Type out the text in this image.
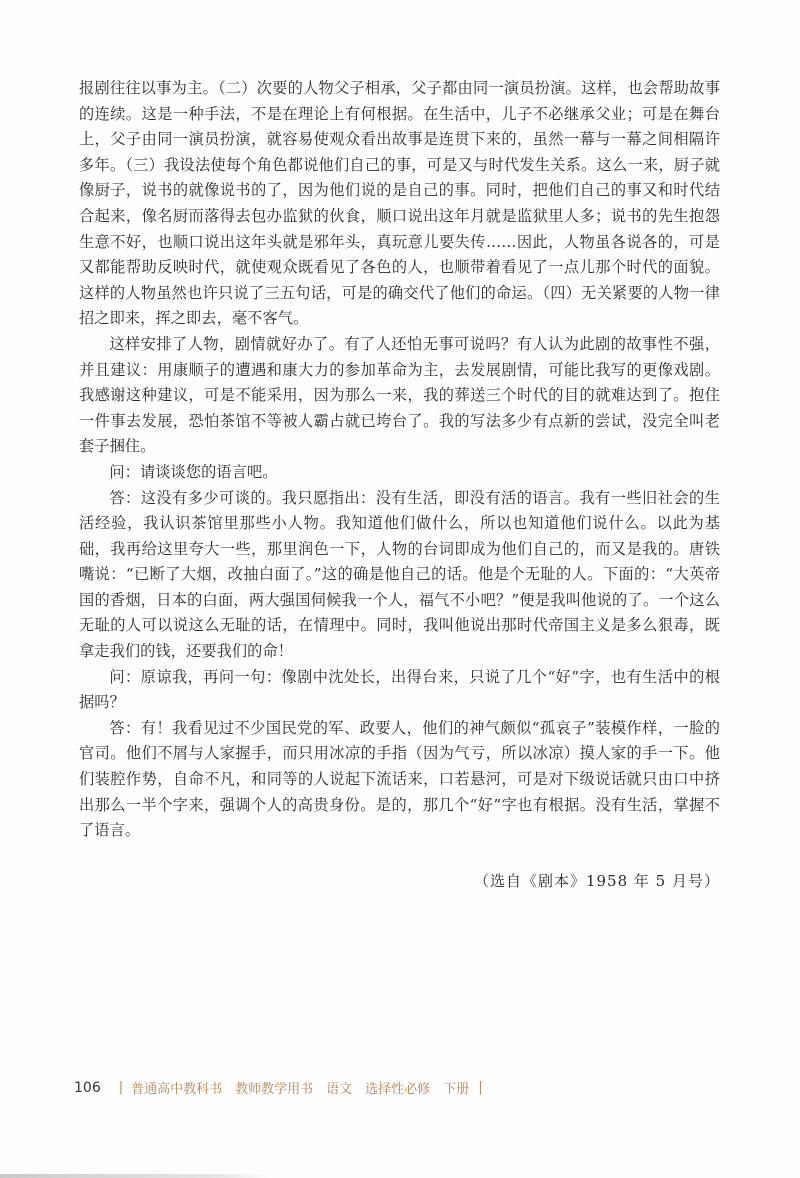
报剧往往以事为主。（二）次要的人物父子相承，父子都由同一演员扮演。这样，也会帮助故事的连续。这是一种手法，不是在理论上有何根据。在生活中，儿子不必继承父业；可是在舞台上，父子由同一演员扮演，就容易使观众看出故事是连贯下来的，虽然一幕与一幕之间相隔许多年。（三）我设法使每个角色都说他们自己的事，可是又与时代发生关系。这么一来，厨子就像厨子，说书的就像说书的了，因为他们说的是自己的事。同时，把他们自己的事又和时代结合起来，像名厨而落得去包办监狱的伙食，顺口说出这年月就是监狱里人多；说书的先生抱怨生意不好，也顺口说出这年头就是邪年头，真玩意儿要失传……因此，人物虽各说各的，可是又都能帮助反映时代，就使观众既看见了各色的人，也顺带着看见了一点儿那个时代的面貌。这样的人物虽然也许只说了三五句话，可是的确交代了他们的命运。（四）无关紧要的人物一律招之即来，挥之即去，毫不客气。

这样安排了人物，剧情就好办了。有了人还怕无事可说吗？有人认为此剧的故事性不强，并且建议：用康顺子的遭遇和康大力的参加革命为主，去发展剧情，可能比我写的更像戏剧。我感谢这种建议，可是不能采用，因为那么一来，我的葬送三个时代的目的就难达到了。抱住一件事去发展，恐怕茶馆不等被人霸占就已垮台了。我的写法多少有点新的尝试，没完全叫老套子捆住。

问：请谈谈您的语言吧。

答：这没有多少可谈的。我只愿指出：没有生活，即没有活的语言。我有一些旧社会的生活经验，我认识茶馆里那些小人物。我知道他们做什么，所以也知道他们说什么。以此为基础，我再给这里夸大一些，那里润色一下，人物的台词即成为他们自己的，而又是我的。唐铁嘴说：“已断了大烟，改抽白面了。”这的确是他自己的话。他是个无耻的人。下面的：“大英帝国的香烟，日本的白面，两大强国伺候我一个人，福气不小吧？”便是我叫他说的了。一个这么无耻的人可以说这么无耻的话，在情理中。同时，我叫他说出那时代帝国主义是多么狠毒，既拿走我们的钱，还要我们的命！

问：原谅我，再问一句：像剧中沈处长，出得台来，只说了几个“好”字，也有生活中的根据吗？

答：有！我看见过不少国民党的军、政要人，他们的神气颇似“孤哀子”装模作样，一脸的官司。他们不屑与人家握手，而只用冰凉的手指（因为气亏，所以冰凉）摸人家的手一下。他们装腔作势，自命不凡，和同等的人说起下流话来，口若悬河，可是对下级说话就只由口中挤出那么一半个字来，强调个人的高贵身份。是的，那几个“好”字也有根据。没有生活，掌握不了语言。

（选自《剧本》1958 年 5 月号）
106 | 普通高中教科书 教师教学用书 语文 选择性必修 下册 |
